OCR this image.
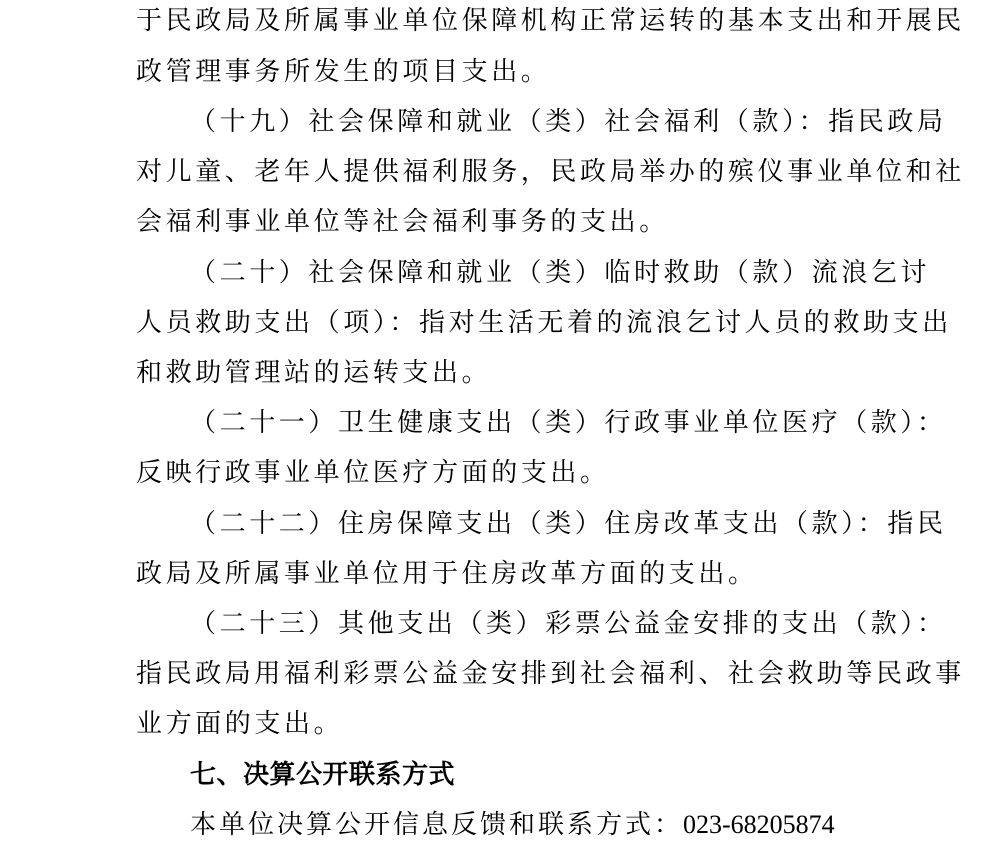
于民政局及所属事业单位保障机构正常运转的基本支出和开展民
政管理事务所发生的项目支出。
（十九）社会保障和就业（类）社会福利（款）：指民政局
对儿童、老年人提供福利服务，民政局举办的殡仪事业单位和社
会福利事业单位等社会福利事务的支出。
（二十）社会保障和就业（类）临时救助（款）流浪乞讨
人员救助支出（项）：指对生活无着的流浪乞讨人员的救助支出
和救助管理站的运转支出。
（二十一）卫生健康支出（类）行政事业单位医疗（款）：
反映行政事业单位医疗方面的支出。
（二十二）住房保障支出（类）住房改革支出（款）：指民
政局及所属事业单位用于住房改革方面的支出。
（二十三）其他支出（类）彩票公益金安排的支出（款）：
指民政局用福利彩票公益金安排到社会福利、社会救助等民政事
业方面的支出。
七、决算公开联系方式
本单位决算公开信息反馈和联系方式：023-68205874
